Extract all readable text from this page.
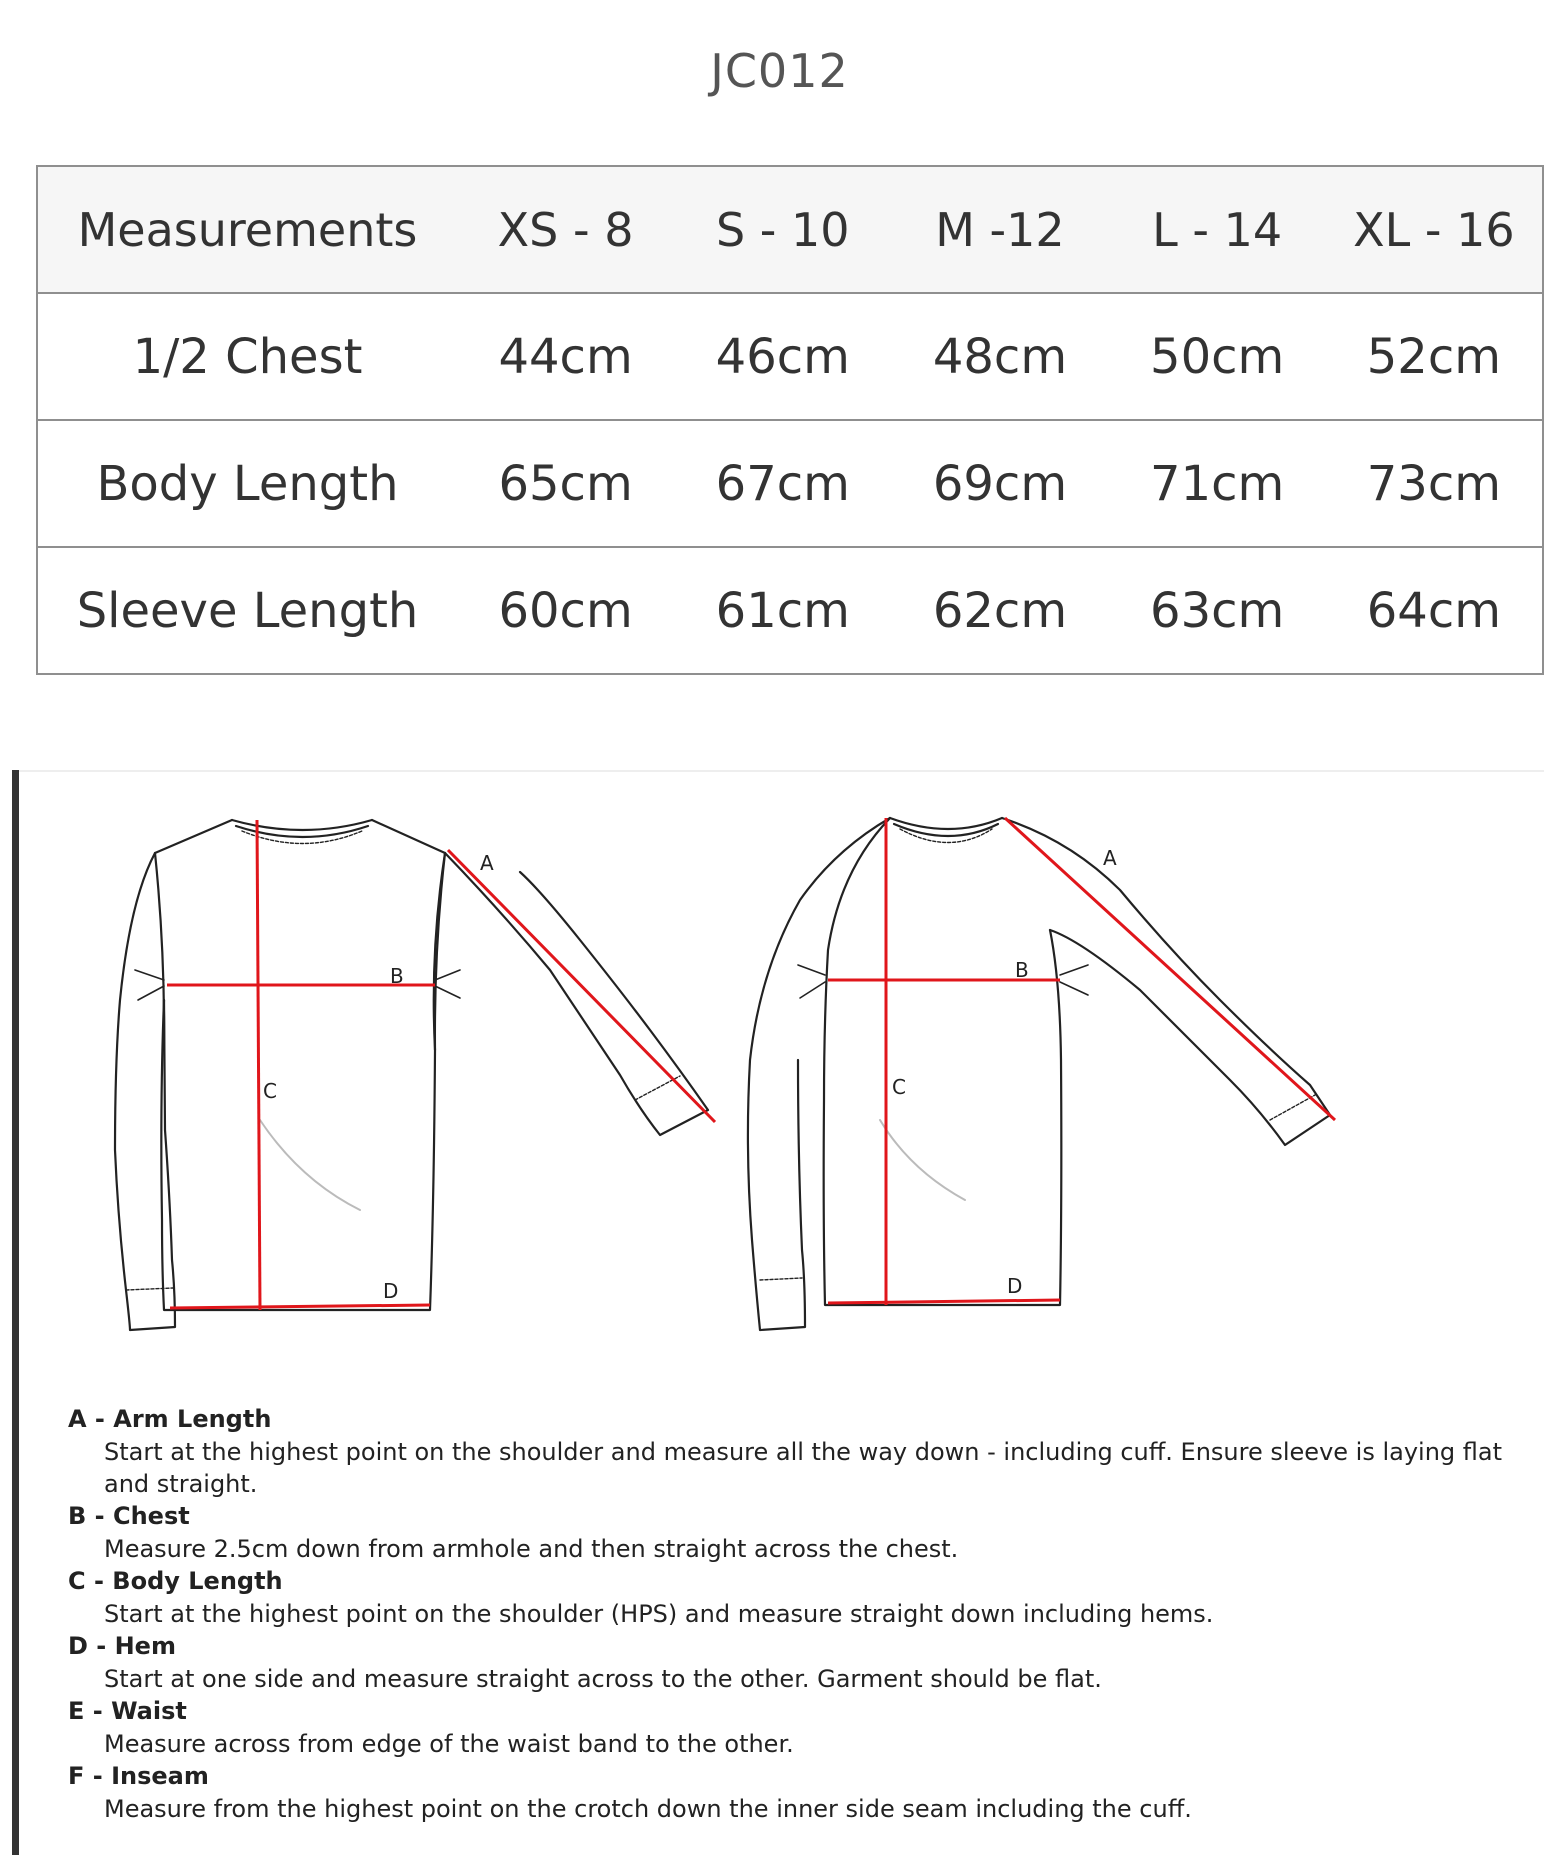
JC012
Measurements	XS - 8	S - 10	M -12	L - 14	XL - 16
1/2 Chest	44cm	46cm	48cm	50cm	52cm
Body Length	65cm	67cm	69cm	71cm	73cm
Sleeve Length	60cm	61cm	62cm	63cm	64cm
A
B
C
D
A
B
C
D
A - Arm Length
Start at the highest point on the shoulder and measure all the way down - including cuff. Ensure sleeve is laying flat
and straight.
B - Chest
Measure 2.5cm down from armhole and then straight across the chest.
C - Body Length
Start at the highest point on the shoulder (HPS) and measure straight down including hems.
D - Hem
Start at one side and measure straight across to the other. Garment should be flat.
E - Waist
Measure across from edge of the waist band to the other.
F - Inseam
Measure from the highest point on the crotch down the inner side seam including the cuff.
